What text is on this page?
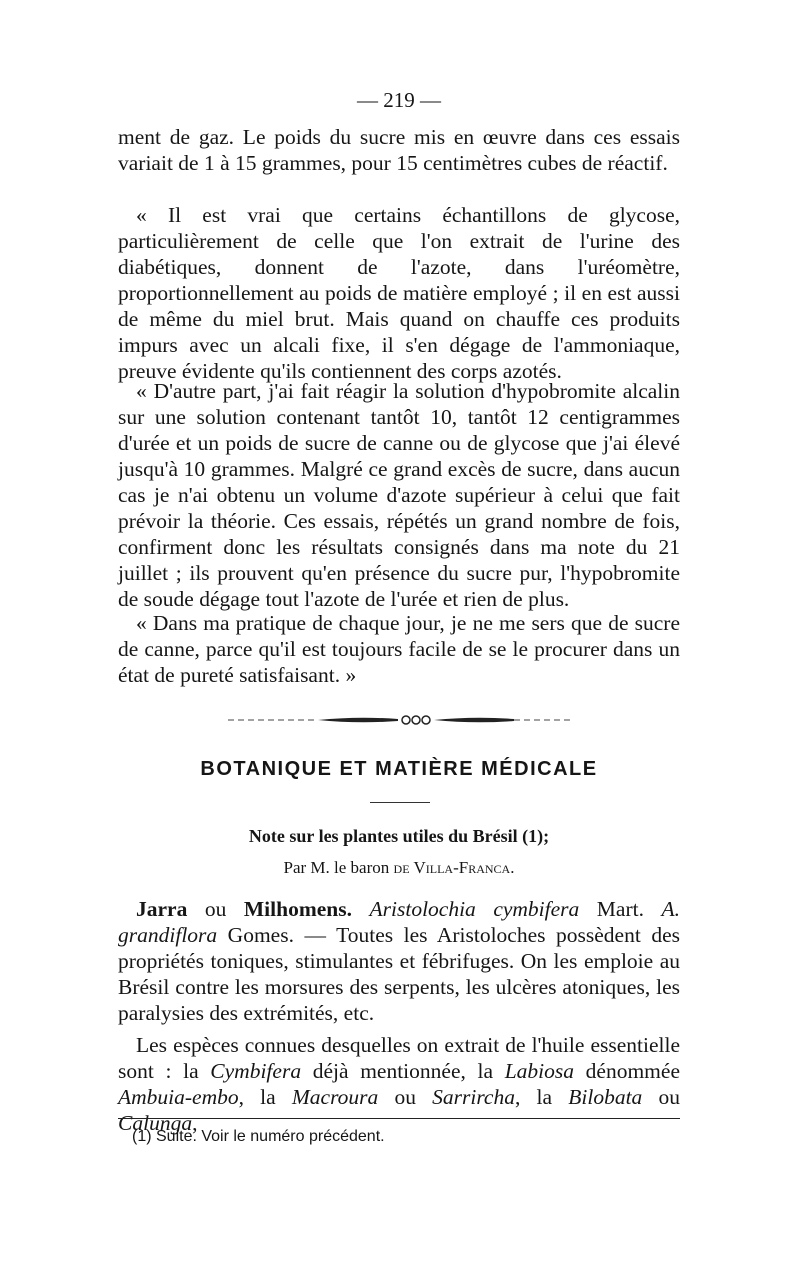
— 219 —

ment de gaz. Le poids du sucre mis en œuvre dans ces essais variait de 1 à 15 grammes, pour 15 centimètres cubes de réactif.

« Il est vrai que certains échantillons de glycose, particulièrement de celle que l'on extrait de l'urine des diabétiques, donnent de l'azote, dans l'uréomètre, proportionnellement au poids de matière employé ; il en est aussi de même du miel brut. Mais quand on chauffe ces produits impurs avec un alcali fixe, il s'en dégage de l'ammoniaque, preuve évidente qu'ils contiennent des corps azotés.

« D'autre part, j'ai fait réagir la solution d'hypobromite alcalin sur une solution contenant tantôt 10, tantôt 12 centigrammes d'urée et un poids de sucre de canne ou de glycose que j'ai élevé jusqu'à 10 grammes. Malgré ce grand excès de sucre, dans aucun cas je n'ai obtenu un volume d'azote supérieur à celui que fait prévoir la théorie. Ces essais, répétés un grand nombre de fois, confirment donc les résultats consignés dans ma note du 21 juillet ; ils prouvent qu'en présence du sucre pur, l'hypobromite de soude dégage tout l'azote de l'urée et rien de plus.

« Dans ma pratique de chaque jour, je ne me sers que de sucre de canne, parce qu'il est toujours facile de se le procurer dans un état de pureté satisfaisant. »

BOTANIQUE ET MATIÈRE MÉDICALE
Note sur les plantes utiles du Brésil (1);
Par M. le baron de Villa-Franca.

Jarra ou Milhomens. Aristolochia cymbifera Mart. A. grandiflora Gomes. — Toutes les Aristoloches possèdent des propriétés toniques, stimulantes et fébrifuges. On les emploie au Brésil contre les morsures des serpents, les ulcères atoniques, les paralysies des extrémités, etc.

Les espèces connues desquelles on extrait de l'huile essentielle sont : la Cymbifera déjà mentionnée, la Labiosa dénommée Ambuia-embo, la Macroura ou Sarrircha, la Bilobata ou Calunga,

(1) Suite. Voir le numéro précédent.
